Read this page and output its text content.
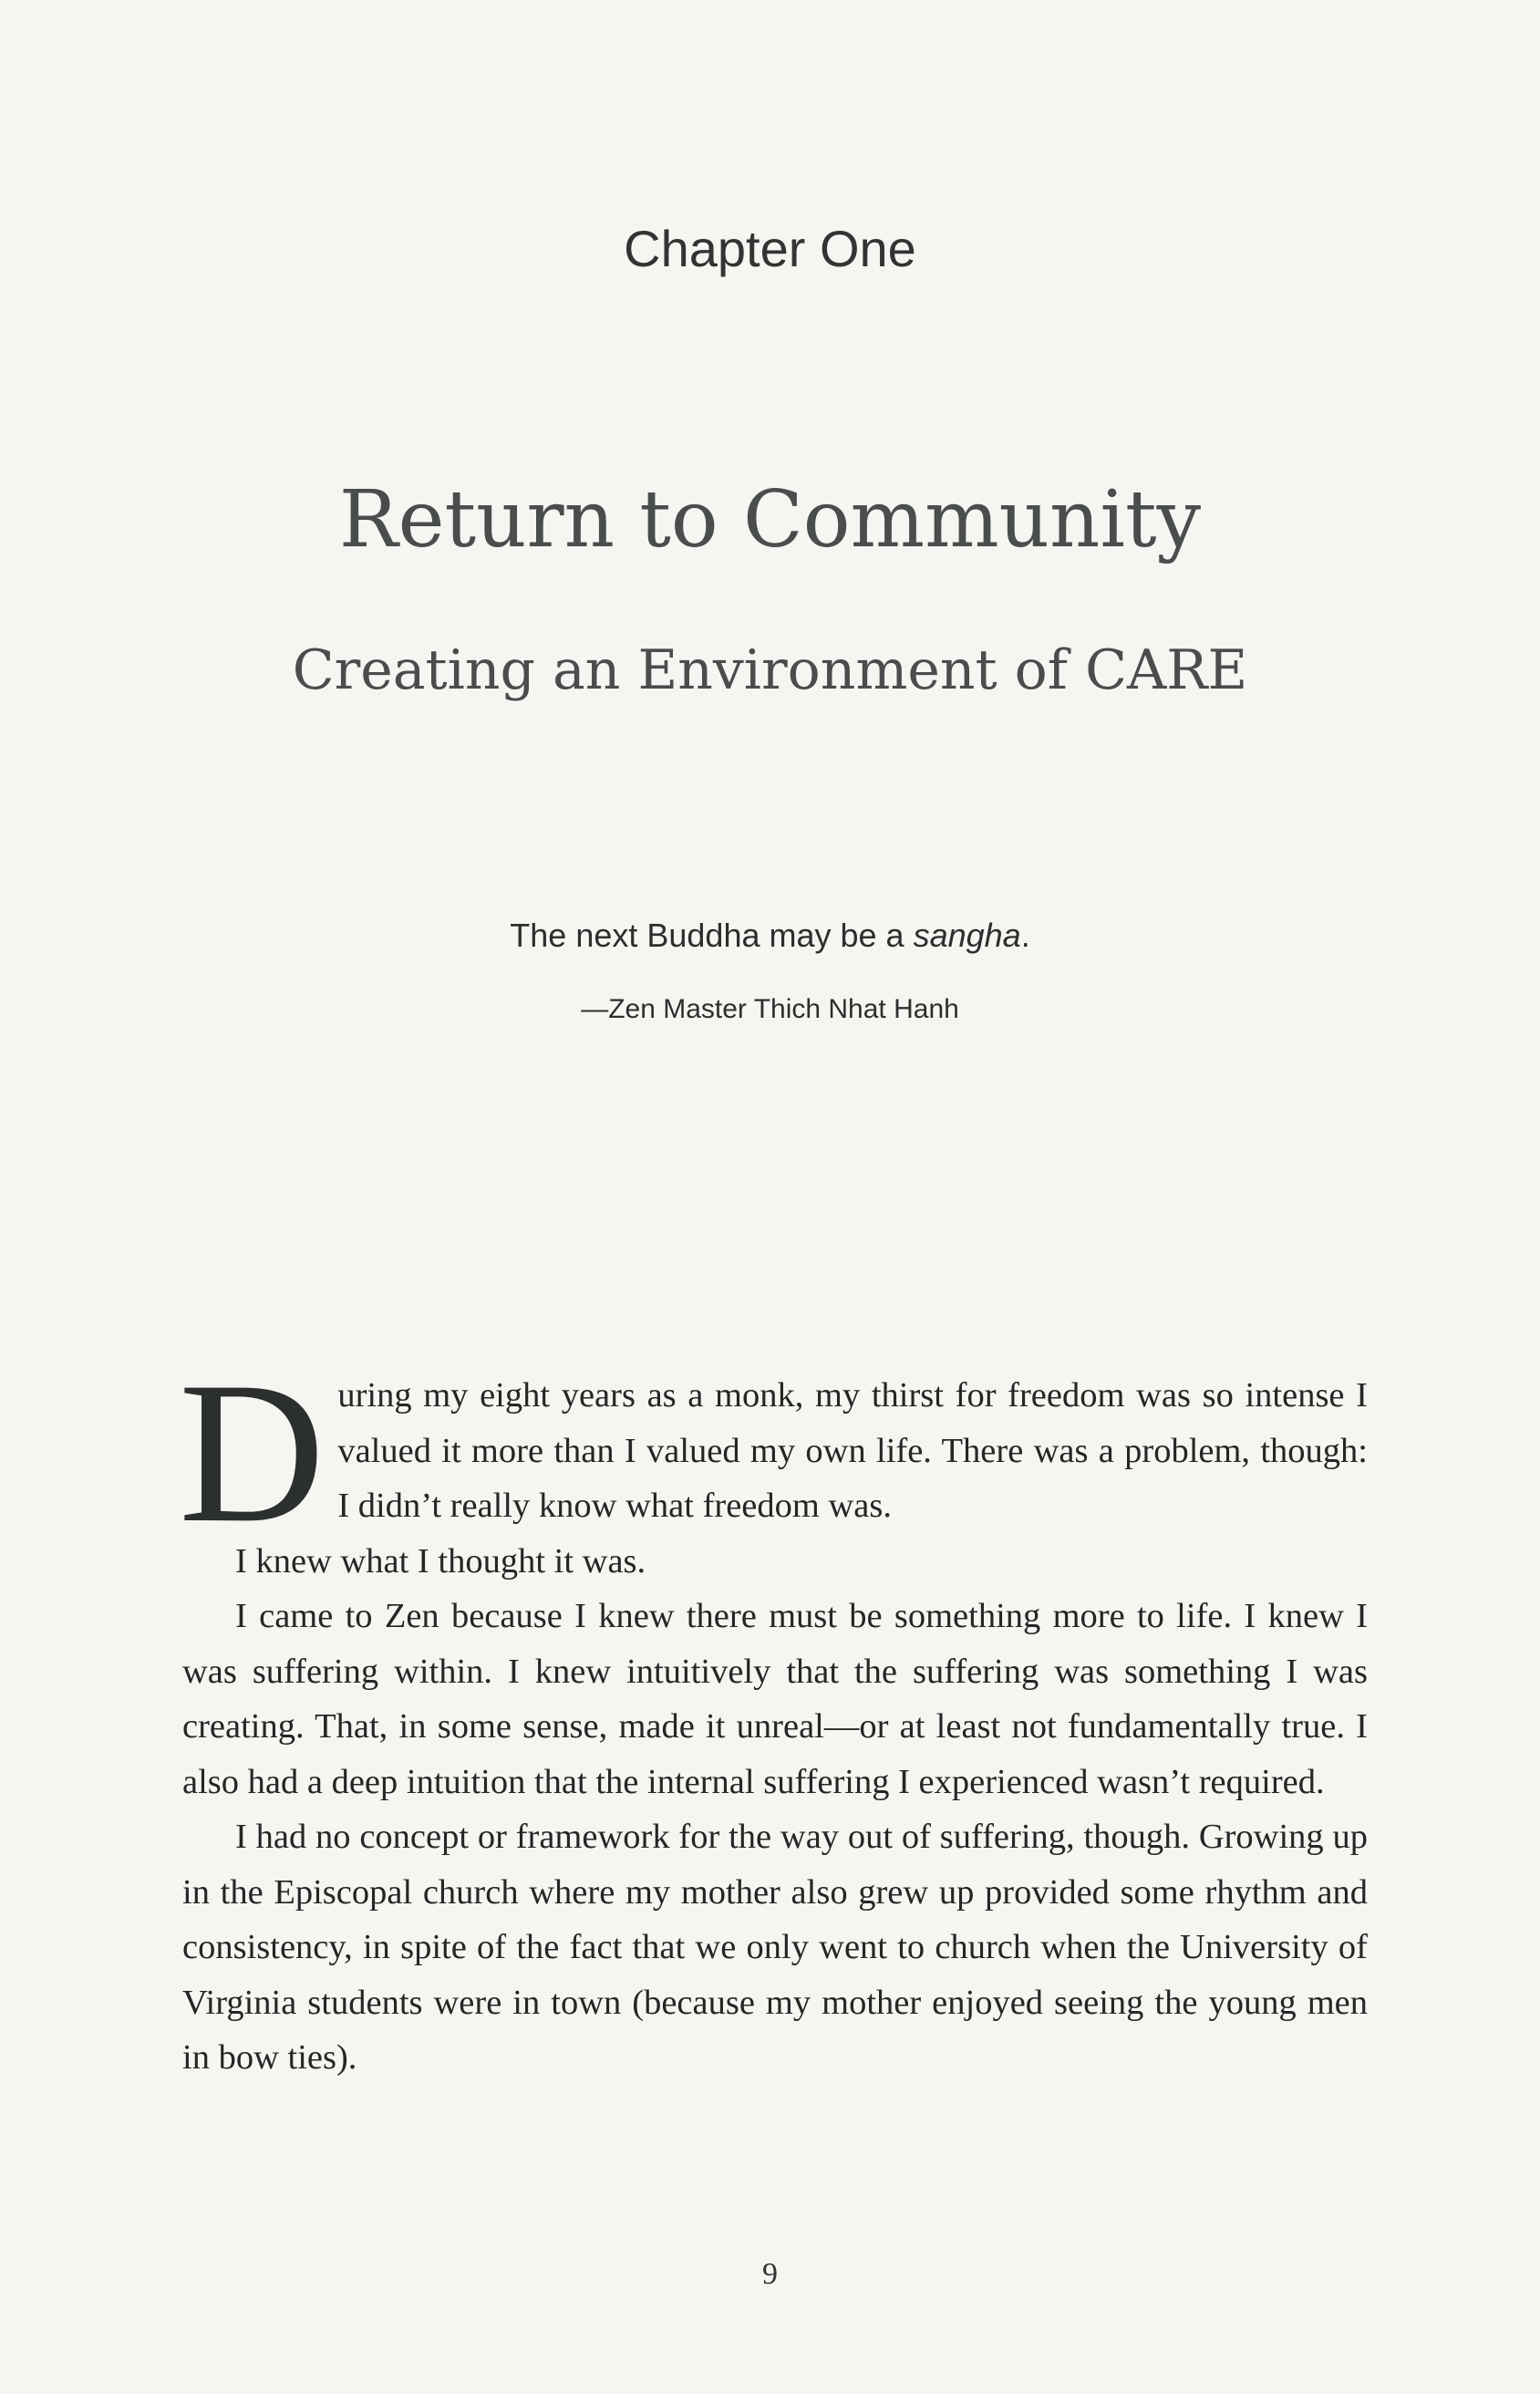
Chapter One
Return to Community
Creating an Environment of CARE
The next Buddha may be a sangha.
—Zen Master Thich Nhat Hanh
D uring my eight years as a monk, my thirst for freedom was so intense I
valued it more than I valued my own life. There was a problem, though:
I didn’t really know what freedom was.

I knew what I thought it was.

I came to Zen because I knew there must be something more to life. I knew I was suffering within. I knew intuitively that the suffering was something I was creating. That, in some sense, made it unreal—or at least not fundamentally true. I also had a deep intuition that the internal suffering I experienced wasn’t required.

I had no concept or framework for the way out of suffering, though. Growing up in the Episcopal church where my mother also grew up provided some rhythm and consistency, in spite of the fact that we only went to church when the University of Virginia students were in town (because my mother enjoyed seeing the young men in bow ties).

9
